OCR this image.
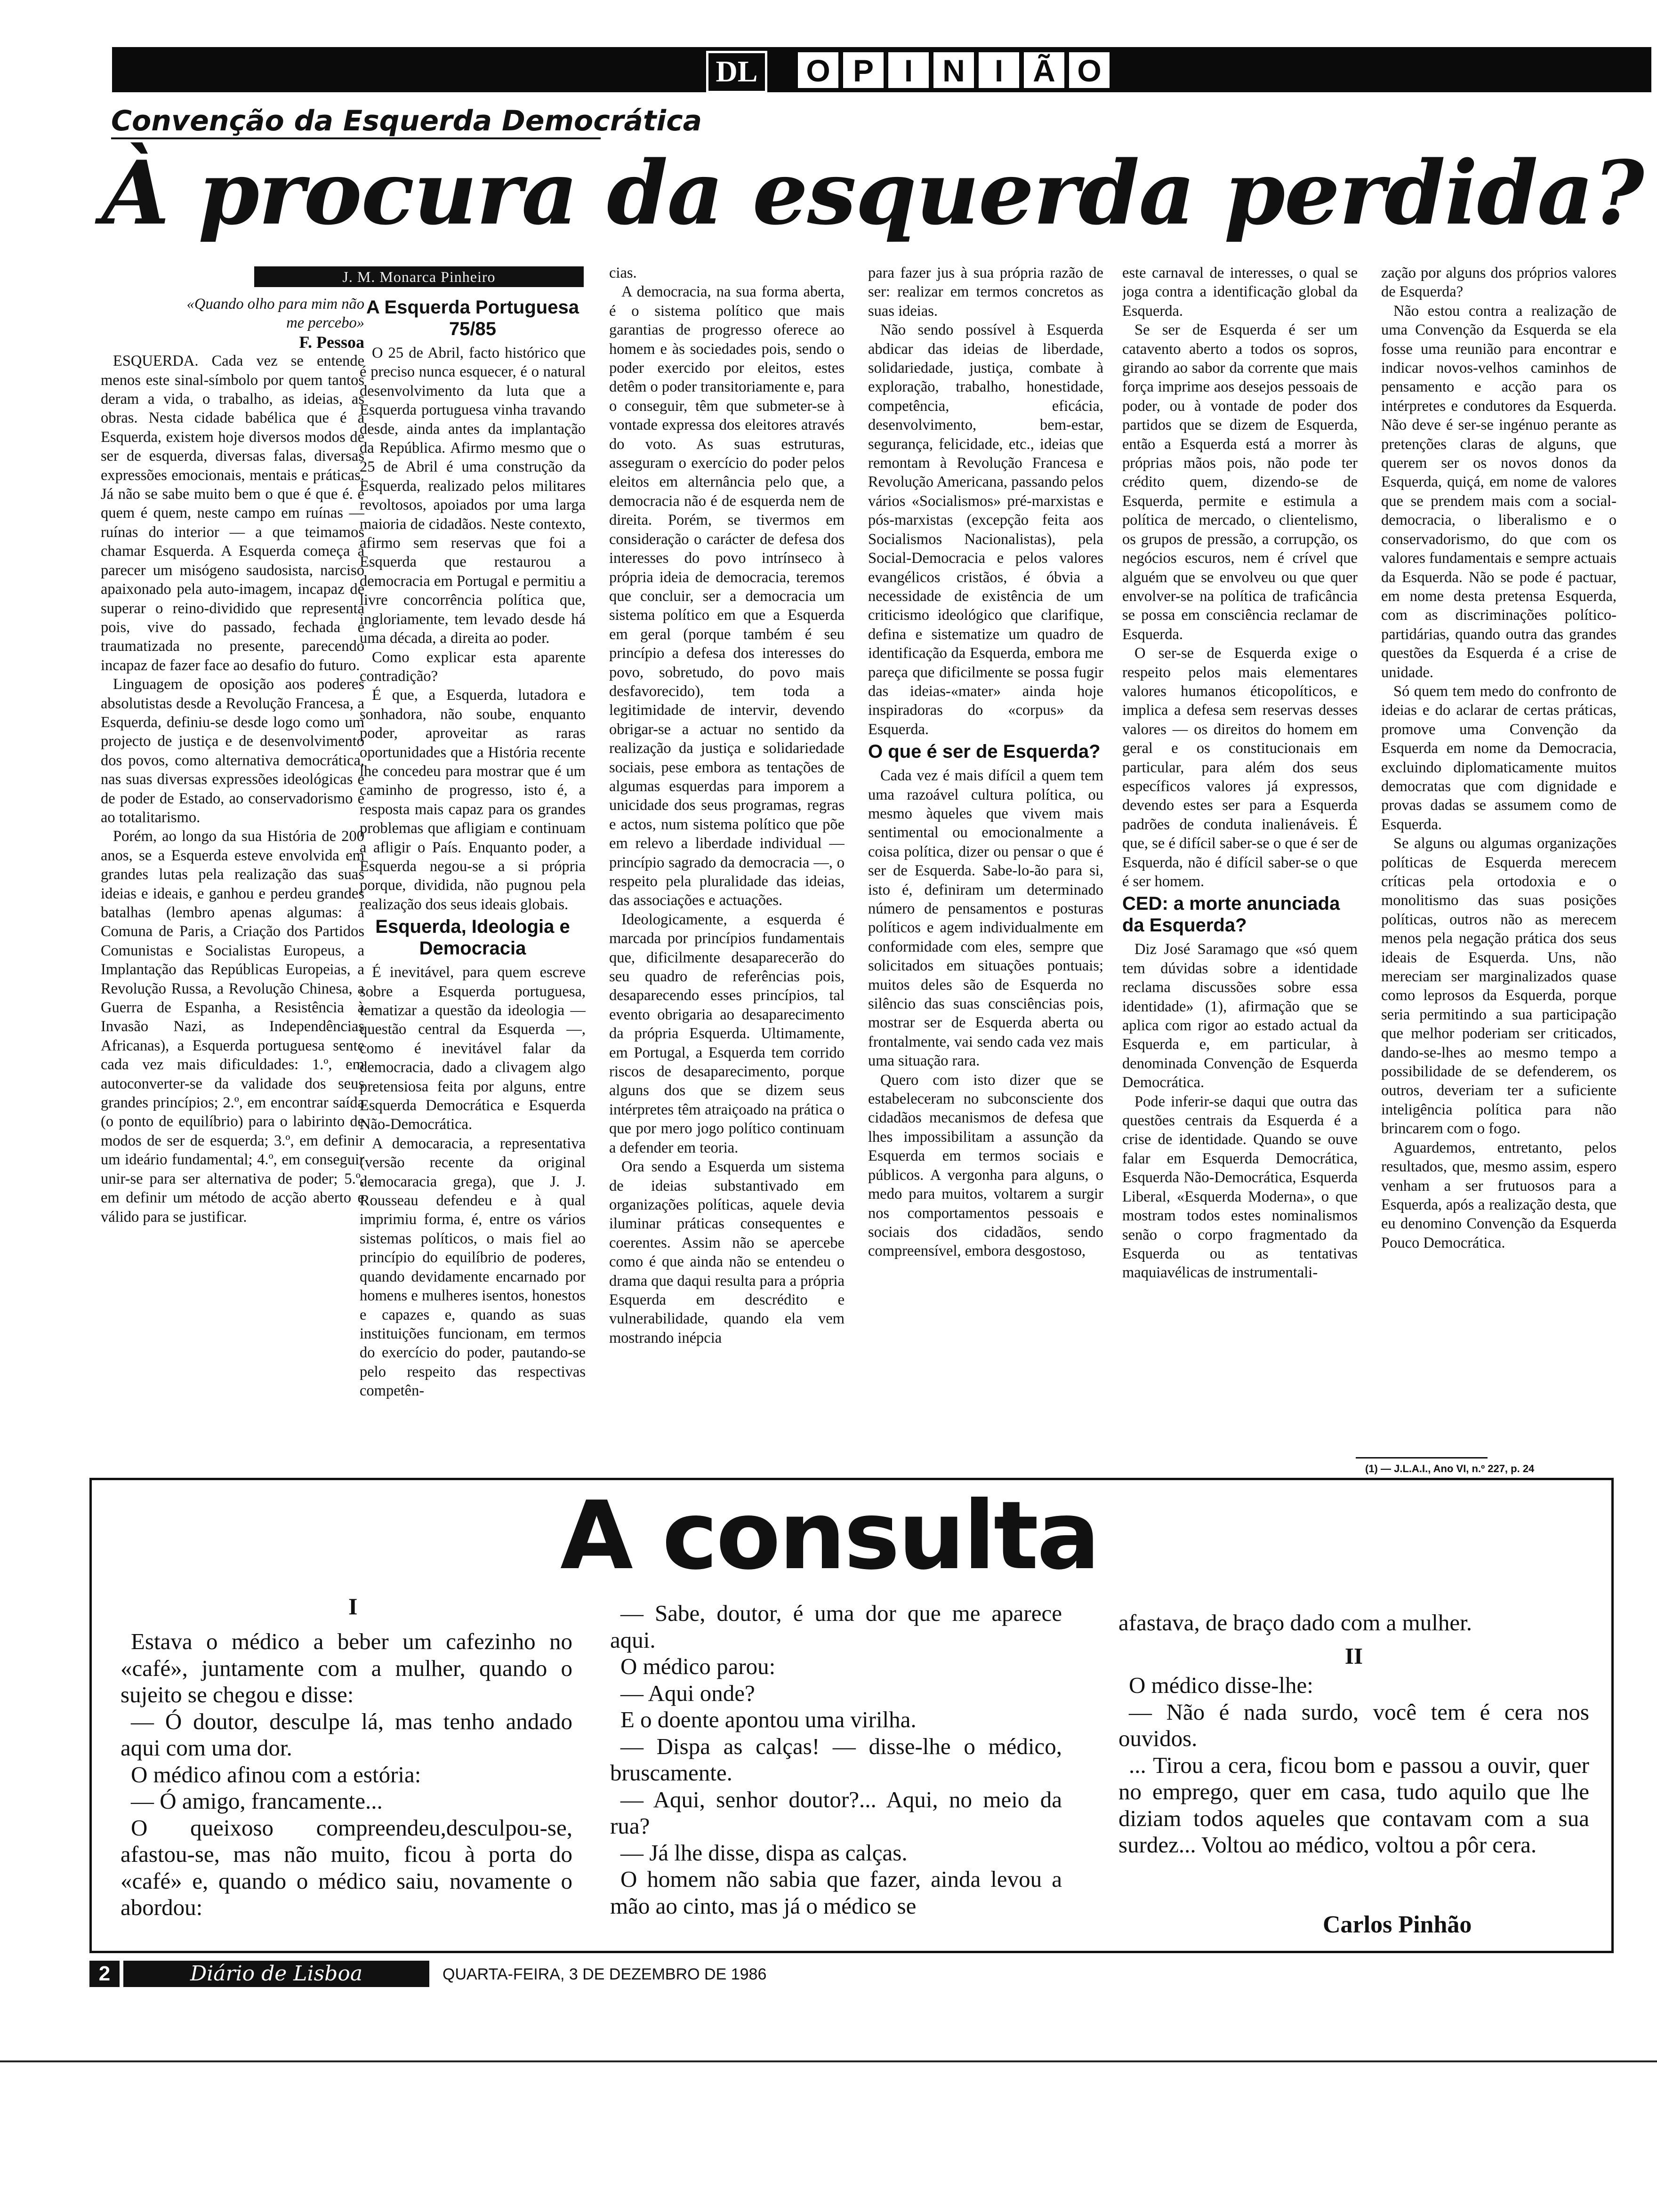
DL	O P I N I Ã O
Convenção da Esquerda Democrática
À procura da esquerda perdida?
J. M. Monarca Pinheiro

«Quando olho para mim não

me percebo»

F. Pessoa

ESQUERDA. Cada vez se entende menos este sinal-símbolo por quem tantos deram a vida, o trabalho, as ideias, as obras. Nesta cidade babélica que é a Esquerda, existem hoje diversos modos de ser de esquerda, diversas falas, diversas expressões emocionais, mentais e práticas. Já não se sabe muito bem o que é que é. e quem é quem, neste campo em ruínas — ruínas do interior — a que teimamos chamar Esquerda. A Esquerda começa a parecer um misógeno saudosista, narciso apaixonado pela auto-imagem, incapaz de superar o reino-dividido que representa pois, vive do passado, fechada e traumatizada no presente, parecendo incapaz de fazer face ao desafio do futuro.

Linguagem de oposição aos poderes absolutistas desde a Revolução Francesa, a Esquerda, definiu-se desde logo como um projecto de justiça e de desenvolvimento dos povos, como alternativa democrática, nas suas diversas expressões ideológicas e de poder de Estado, ao conservadorismo e ao totalitarismo.

Porém, ao longo da sua História de 200 anos, se a Esquerda esteve envolvida em grandes lutas pela realização das suas ideias e ideais, e ganhou e perdeu grandes batalhas (lembro apenas algumas: a Comuna de Paris, a Criação dos Partidos Comunistas e Socialistas Europeus, a Implantação das Repúblicas Europeias, a Revolução Russa, a Revolução Chinesa, a Guerra de Espanha, a Resistência à Invasão Nazi, as Independências Africanas), a Esquerda portuguesa sente cada vez mais dificuldades: 1.º, em autoconverter-se da validade dos seus grandes princípios; 2.º, em encontrar saída (o ponto de equilíbrio) para o labirinto de modos de ser de esquerda; 3.º, em definir um ideário fundamental; 4.º, em conseguir unir-se para ser alternativa de poder; 5.º, em definir um método de acção aberto e válido para se justificar.

A Esquerda Portuguesa 75/85

O 25 de Abril, facto histórico que é preciso nunca esquecer, é o natural desenvolvimento da luta que a Esquerda portuguesa vinha travando desde, ainda antes da implantação da República. Afirmo mesmo que o 25 de Abril é uma construção da Esquerda, realizado pelos militares revoltosos, apoiados por uma larga maioria de cidadãos. Neste contexto, afirmo sem reservas que foi a Esquerda que restaurou a democracia em Portugal e permitiu a livre concorrência política que, ingloriamente, tem levado desde há uma década, a direita ao poder.

Como explicar esta aparente contradição?

É que, a Esquerda, lutadora e sonhadora, não soube, enquanto poder, aproveitar as raras oportunidades que a História recente lhe concedeu para mostrar que é um caminho de progresso, isto é, a resposta mais capaz para os grandes problemas que afligiam e continuam a afligir o País. Enquanto poder, a Esquerda negou-se a si própria porque, dividida, não pugnou pela realização dos seus ideais globais.

Esquerda, Ideologia e Democracia

É inevitável, para quem escreve sobre a Esquerda portuguesa, tematizar a questão da ideologia — questão central da Esquerda —, como é inevitável falar da democracia, dado a clivagem algo pretensiosa feita por alguns, entre Esquerda Democrática e Esquerda Não-Democrática.

A democaracia, a representativa (versão recente da original democaracia grega), que J. J. Rousseau defendeu e à qual imprimiu forma, é, entre os vários sistemas políticos, o mais fiel ao princípio do equilíbrio de poderes, quando devidamente encarnado por homens e mulheres isentos, honestos e capazes e, quando as suas instituições funcionam, em termos do exercício do poder, pautando-se pelo respeito das respectivas competên-

cias.

A democracia, na sua forma aberta, é o sistema político que mais garantias de progresso oferece ao homem e às sociedades pois, sendo o poder exercido por eleitos, estes detêm o poder transitoriamente e, para o conseguir, têm que submeter-se à vontade expressa dos eleitores através do voto. As suas estruturas, asseguram o exercício do poder pelos eleitos em alternância pelo que, a democracia não é de esquerda nem de direita. Porém, se tivermos em consideração o carácter de defesa dos interesses do povo intrínseco à própria ideia de democracia, teremos que concluir, ser a democracia um sistema político em que a Esquerda em geral (porque também é seu princípio a defesa dos interesses do povo, sobretudo, do povo mais desfavorecido), tem toda a legitimidade de intervir, devendo obrigar-se a actuar no sentido da realização da justiça e solidariedade sociais, pese embora as tentações de algumas esquerdas para imporem a unicidade dos seus programas, regras e actos, num sistema político que põe em relevo a liberdade individual — princípio sagrado da democracia —, o respeito pela pluralidade das ideias, das associações e actuações.

Ideologicamente, a esquerda é marcada por princípios fundamentais que, dificilmente desaparecerão do seu quadro de referências pois, desaparecendo esses princípios, tal evento obrigaria ao desaparecimento da própria Esquerda. Ultimamente, em Portugal, a Esquerda tem corrido riscos de desaparecimento, porque alguns dos que se dizem seus intérpretes têm atraiçoado na prática o que por mero jogo político continuam a defender em teoria.

Ora sendo a Esquerda um sistema de ideias substantivado em organizações políticas, aquele devia iluminar práticas consequentes e coerentes. Assim não se apercebe como é que ainda não se entendeu o drama que daqui resulta para a própria Esquerda em descrédito e vulnerabilidade, quando ela vem mostrando inépcia

para fazer jus à sua própria razão de ser: realizar em termos concretos as suas ideias.

Não sendo possível à Esquerda abdicar das ideias de liberdade, solidariedade, justiça, combate à exploração, trabalho, honestidade, competência, eficácia, desenvolvimento, bem-estar, segurança, felicidade, etc., ideias que remontam à Revolução Francesa e Revolução Americana, passando pelos vários «Socialismos» pré-marxistas e pós-marxistas (excepção feita aos Socialismos Nacionalistas), pela Social-Democracia e pelos valores evangélicos cristãos, é óbvia a necessidade de existência de um criticismo ideológico que clarifique, defina e sistematize um quadro de identificação da Esquerda, embora me pareça que dificilmente se possa fugir das ideias-«mater» ainda hoje inspiradoras do «corpus» da Esquerda.

O que é ser de Esquerda?

Cada vez é mais difícil a quem tem uma razoável cultura política, ou mesmo àqueles que vivem mais sentimental ou emocionalmente a coisa política, dizer ou pensar o que é ser de Esquerda. Sabe-lo-ão para si, isto é, definiram um determinado número de pensamentos e posturas políticos e agem individualmente em conformidade com eles, sempre que solicitados em situações pontuais; muitos deles são de Esquerda no silêncio das suas consciências pois, mostrar ser de Esquerda aberta ou frontalmente, vai sendo cada vez mais uma situação rara.

Quero com isto dizer que se estabeleceram no subconsciente dos cidadãos mecanismos de defesa que lhes impossibilitam a assunção da Esquerda em termos sociais e públicos. A vergonha para alguns, o medo para muitos, voltarem a surgir nos comportamentos pessoais e sociais dos cidadãos, sendo compreensível, embora desgostoso,

este carnaval de interesses, o qual se joga contra a identificação global da Esquerda.

Se ser de Esquerda é ser um catavento aberto a todos os sopros, girando ao sabor da corrente que mais força imprime aos desejos pessoais de poder, ou à vontade de poder dos partidos que se dizem de Esquerda, então a Esquerda está a morrer às próprias mãos pois, não pode ter crédito quem, dizendo-se de Esquerda, permite e estimula a política de mercado, o clientelismo, os grupos de pressão, a corrupção, os negócios escuros, nem é crível que alguém que se envolveu ou que quer envolver-se na política de traficância se possa em consciência reclamar de Esquerda.

O ser-se de Esquerda exige o respeito pelos mais elementares valores humanos éticopolíticos, e implica a defesa sem reservas desses valores — os direitos do homem em geral e os constitucionais em particular, para além dos seus específicos valores já expressos, devendo estes ser para a Esquerda padrões de conduta inalienáveis. É que, se é difícil saber-se o que é ser de Esquerda, não é difícil saber-se o que é ser homem.

CED: a morte anunciada da Esquerda?

Diz José Saramago que «só quem tem dúvidas sobre a identidade reclama discussões sobre essa identidade» (1), afirmação que se aplica com rigor ao estado actual da Esquerda e, em particular, à denominada Convenção de Esquerda Democrática.

Pode inferir-se daqui que outra das questões centrais da Esquerda é a crise de identidade. Quando se ouve falar em Esquerda Democrática, Esquerda Não-Democrática, Esquerda Liberal, «Esquerda Moderna», o que mostram todos estes nominalismos senão o corpo fragmentado da Esquerda ou as tentativas maquiavélicas de instrumentali-

zação por alguns dos próprios valores de Esquerda?

Não estou contra a realização de uma Convenção da Esquerda se ela fosse uma reunião para encontrar e indicar novos-velhos caminhos de pensamento e acção para os intérpretes e condutores da Esquerda. Não deve é ser-se ingénuo perante as pretenções claras de alguns, que querem ser os novos donos da Esquerda, quiçá, em nome de valores que se prendem mais com a social-democracia, o liberalismo e o conservadorismo, do que com os valores fundamentais e sempre actuais da Esquerda. Não se pode é pactuar, em nome desta pretensa Esquerda, com as discriminações político-partidárias, quando outra das grandes questões da Esquerda é a crise de unidade.

Só quem tem medo do confronto de ideias e do aclarar de certas práticas, promove uma Convenção da Esquerda em nome da Democracia, excluindo diplomaticamente muitos democratas que com dignidade e provas dadas se assumem como de Esquerda.

Se alguns ou algumas organizações políticas de Esquerda merecem críticas pela ortodoxia e o monolitismo das suas posições políticas, outros não as merecem menos pela negação prática dos seus ideais de Esquerda. Uns, não mereciam ser marginalizados quase como leprosos da Esquerda, porque seria permitindo a sua participação que melhor poderiam ser criticados, dando-se-lhes ao mesmo tempo a possibilidade de se defenderem, os outros, deveriam ter a suficiente inteligência política para não brincarem com o fogo.

Aguardemos, entretanto, pelos resultados, que, mesmo assim, espero venham a ser frutuosos para a Esquerda, após a realização desta, que eu denomino Convenção da Esquerda Pouco Democrática.

(1) — J.L.A.I., Ano VI, n.º 227, p. 24
A consulta
I

Estava o médico a beber um cafezinho no «café», juntamente com a mulher, quando o sujeito se chegou e disse:

— Ó doutor, desculpe lá, mas tenho andado aqui com uma dor.

O médico afinou com a estória:

— Ó amigo, francamente...

O queixoso compreendeu,desculpou-se, afastou-se, mas não muito, ficou à porta do «café» e, quando o médico saiu, novamente o abordou:

— Sabe, doutor, é uma dor que me aparece aqui.

O médico parou:

— Aqui onde?

E o doente apontou uma virilha.

— Dispa as calças! — disse-lhe o médico, bruscamente.

— Aqui, senhor doutor?... Aqui, no meio da rua?

— Já lhe disse, dispa as calças.

O homem não sabia que fazer, ainda levou a mão ao cinto, mas já o médico se

afastava, de braço dado com a mulher.

II

O médico disse-lhe:

— Não é nada surdo, você tem é cera nos ouvidos.

... Tirou a cera, ficou bom e passou a ouvir, quer no emprego, quer em casa, tudo aquilo que lhe diziam todos aqueles que contavam com a sua surdez... Voltou ao médico, voltou a pôr cera.

Carlos Pinhão
2	Diário de Lisboa	QUARTA-FEIRA, 3 DE DEZEMBRO DE 1986
